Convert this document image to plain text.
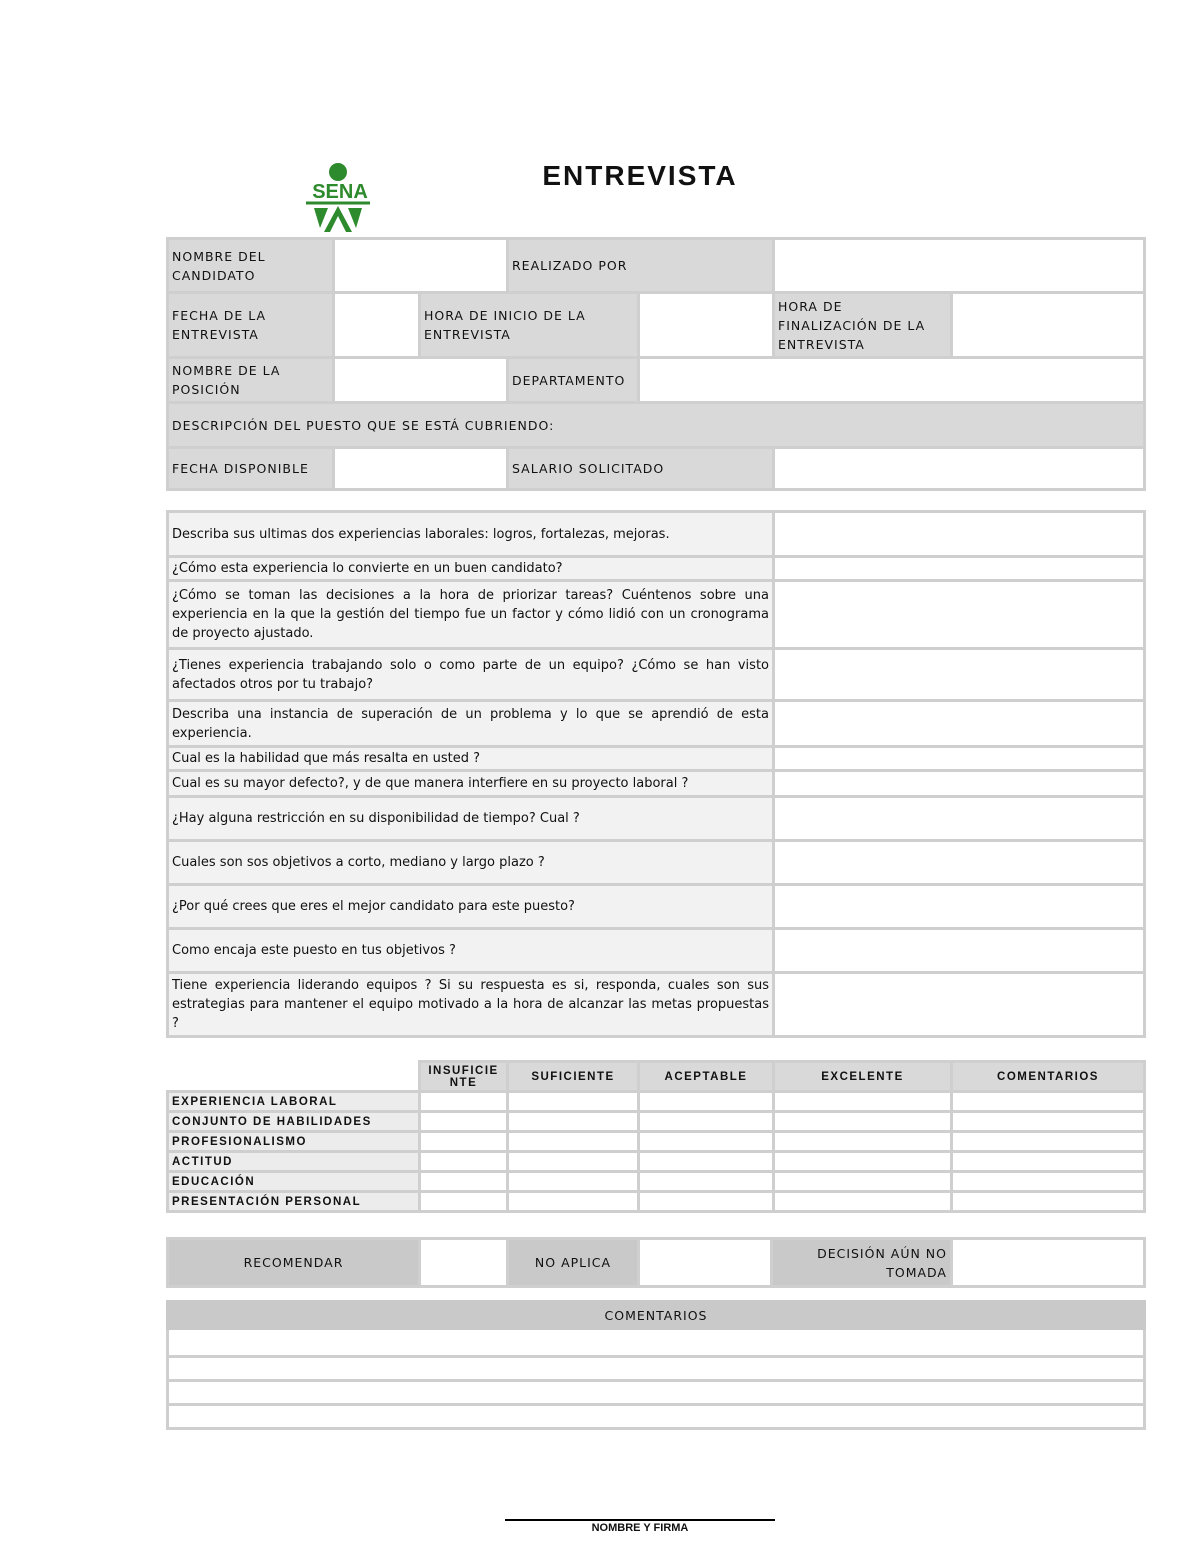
SENA
ENTREVISTA
NOMBRE DEL CANDIDATO			REALIZADO POR			
FECHA DE LA ENTREVISTA		HORA DE INICIO DE LA ENTREVISTA			HORA DE FINALIZACIÓN DE LA ENTREVISTA	
NOMBRE DE LA POSICIÓN			DEPARTAMENTO			
DESCRIPCIÓN DEL PUESTO QUE SE ESTÁ CUBRIENDO:						
FECHA DISPONIBLE			SALARIO SOLICITADO			
Describa sus ultimas dos experiencias laborales: logros, fortalezas, mejoras.	
¿Cómo esta experiencia lo convierte en un buen candidato?	
¿Cómo se toman las decisiones a la hora de priorizar tareas? Cuéntenos sobre una experiencia en la que la gestión del tiempo fue un factor y cómo lidió con un cronograma de proyecto ajustado.	
¿Tienes experiencia trabajando solo o como parte de un equipo? ¿Cómo se han visto afectados otros por tu trabajo?	
Describa una instancia de superación de un problema y lo que se aprendió de esta experiencia.	
Cual es la habilidad que más resalta en usted ?	
Cual es su mayor defecto?, y de que manera interfiere en su proyecto laboral ?	
¿Hay alguna restricción en su disponibilidad de tiempo? Cual ?	
Cuales son sos objetivos a corto, mediano y largo plazo ?	
¿Por qué crees que eres el mejor candidato para este puesto?	
Como encaja este puesto en tus objetivos ?	
Tiene experiencia liderando equipos ? Si su respuesta es si, responda, cuales son sus estrategias para mantener el equipo motivado a la hora de alcanzar las metas propuestas ?	
	INSUFICIENTE	SUFICIENTE	ACEPTABLE	EXCELENTE	COMENTARIOS
EXPERIENCIA LABORAL					
CONJUNTO DE HABILIDADES					
PROFESIONALISMO					
ACTITUD					
EDUCACIÓN					
PRESENTACIÓN PERSONAL					
RECOMENDAR		NO APLICA		DECISIÓN AÚN NO TOMADA	
COMENTARIOS

NOMBRE Y FIRMA
